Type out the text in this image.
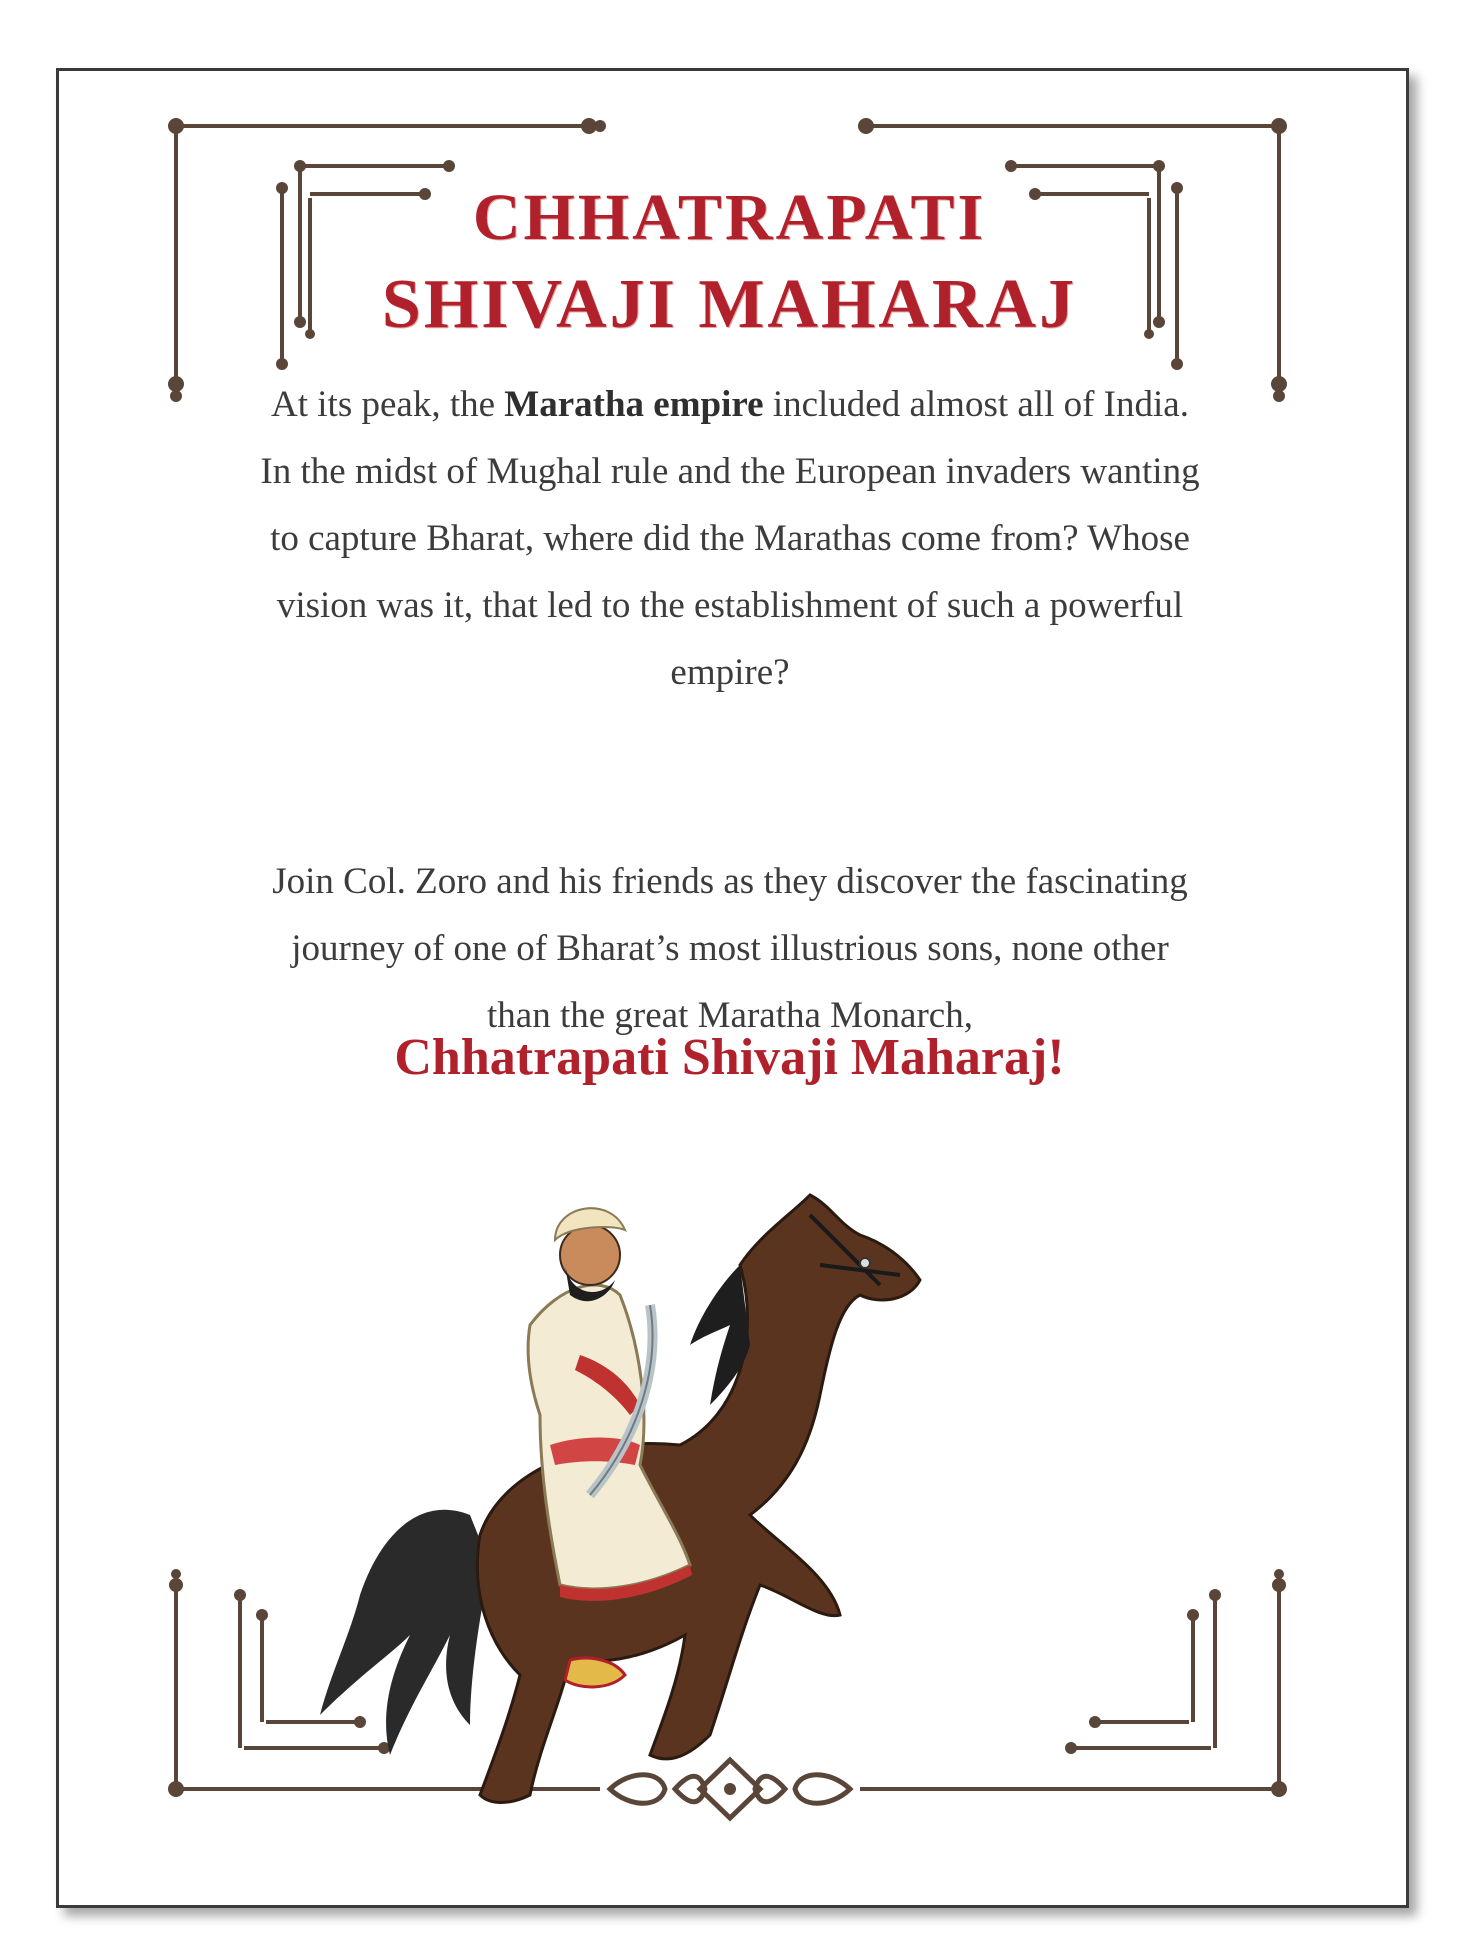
CHHATRAPATI
SHIVAJI MAHARAJ

At its peak, the Maratha empire included almost all of India. In the midst of Mughal rule and the European invaders wanting to capture Bharat, where did the Marathas come from? Whose vision was it, that led to the establishment of such a powerful empire?

Join Col. Zoro and his friends as they discover the fascinating journey of one of Bharat’s most illustrious sons, none other than the great Maratha Monarch,

Chhatrapati Shivaji Maharaj!
